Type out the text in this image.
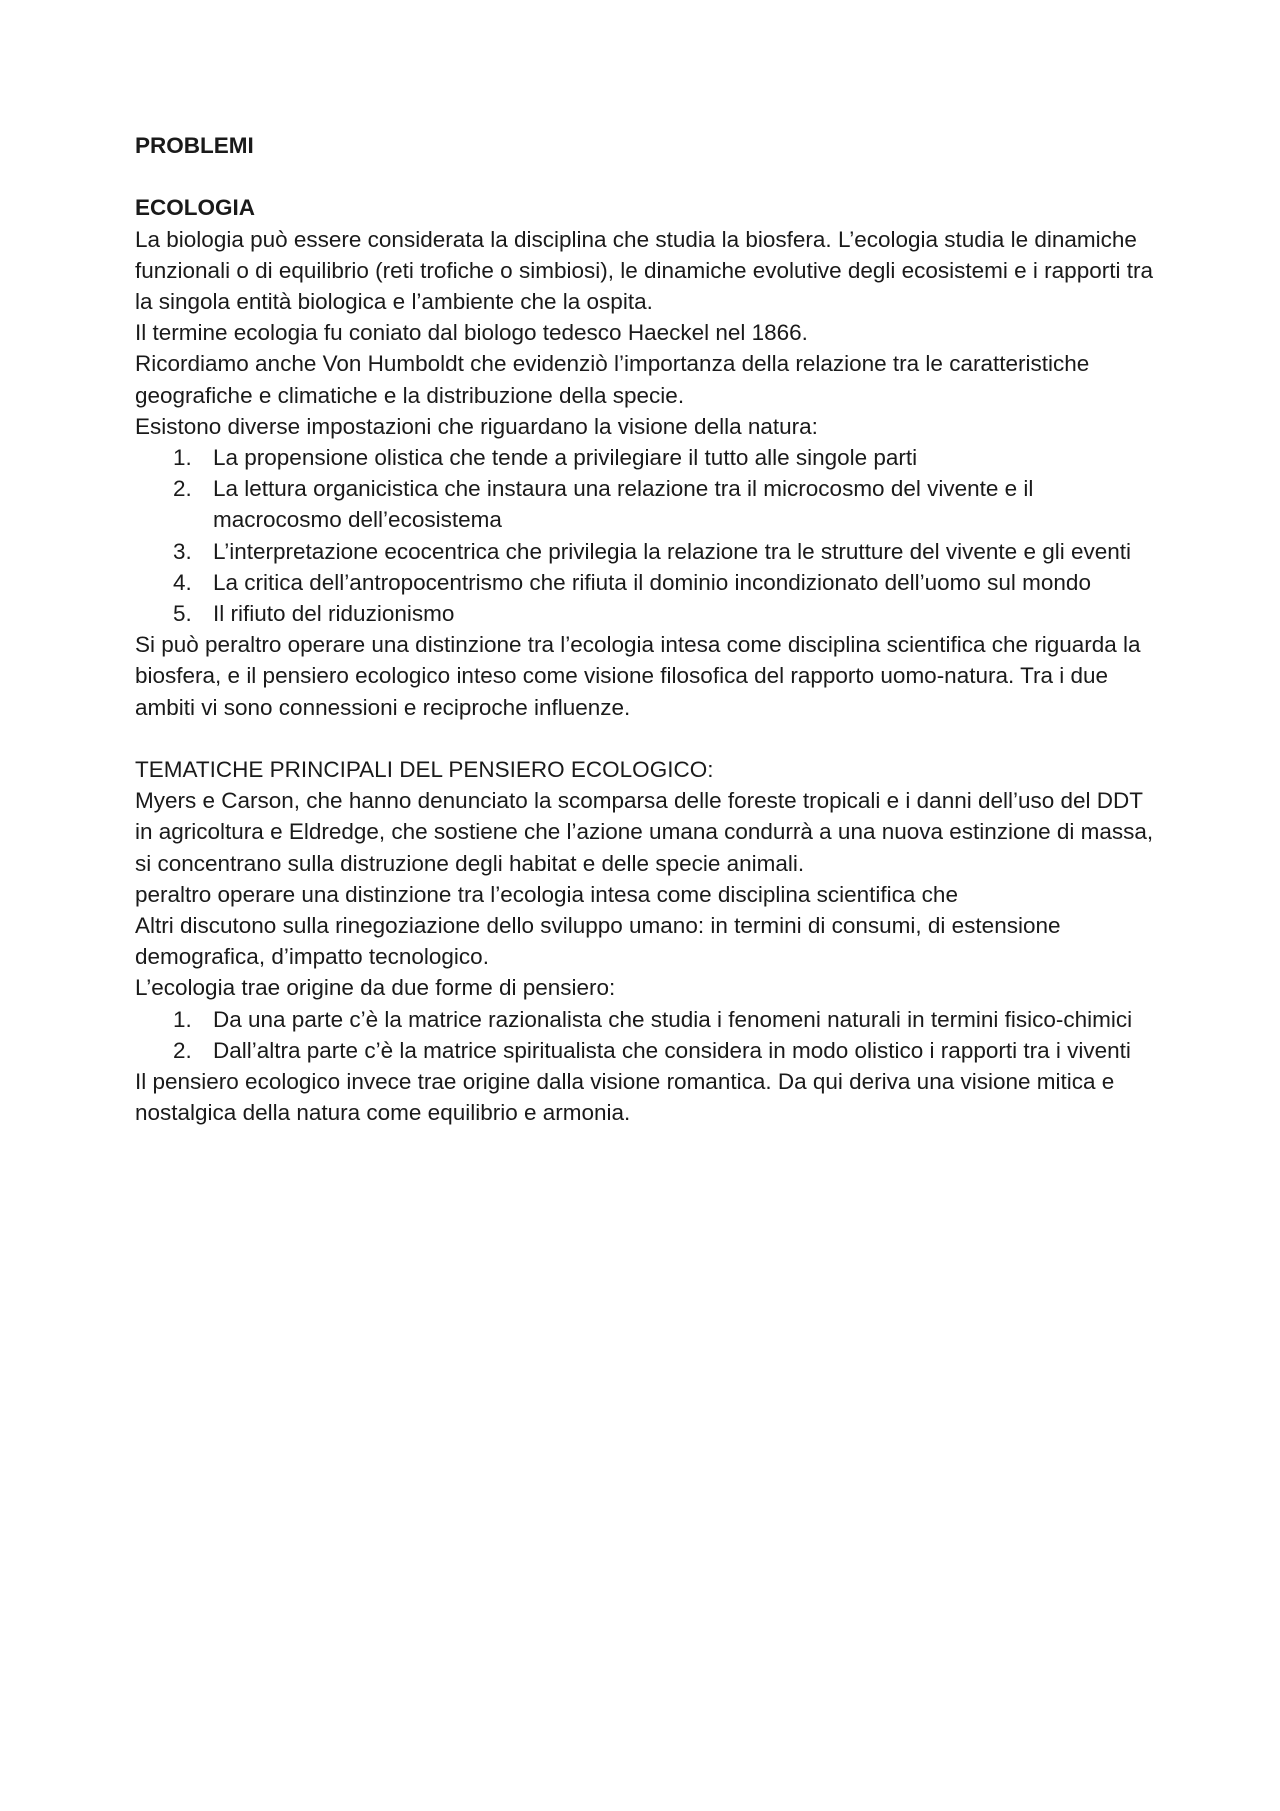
PROBLEMI

ECOLOGIA

La biologia può essere considerata la disciplina che studia la biosfera. L’ecologia studia le dinamiche funzionali o di equilibrio (reti trofiche o simbiosi), le dinamiche evolutive degli ecosistemi e i rapporti tra la singola entità biologica e l’ambiente che la ospita.

Il termine ecologia fu coniato dal biologo tedesco Haeckel nel 1866.

Ricordiamo anche Von Humboldt che evidenziò l’importanza della relazione tra le caratteristiche geografiche e climatiche e la distribuzione della specie.

Esistono diverse impostazioni che riguardano la visione della natura:

1. La propensione olistica che tende a privilegiare il tutto alle singole parti
2. La lettura organicistica che instaura una relazione tra il microcosmo del vivente e il macrocosmo dell’ecosistema
3. L’interpretazione ecocentrica che privilegia la relazione tra le strutture del vivente e gli eventi
4. La critica dell’antropocentrismo che rifiuta il dominio incondizionato dell’uomo sul mondo
5. Il rifiuto del riduzionismo

Si può peraltro operare una distinzione tra l’ecologia intesa come disciplina scientifica che riguarda la biosfera, e il pensiero ecologico inteso come visione filosofica del rapporto uomo-natura. Tra i due ambiti vi sono connessioni e reciproche influenze.

TEMATICHE PRINCIPALI DEL PENSIERO ECOLOGICO:

Myers e Carson, che hanno denunciato la scomparsa delle foreste tropicali e i danni dell’uso del DDT in agricoltura e Eldredge, che sostiene che l’azione umana condurrà a una nuova estinzione di massa, si concentrano sulla distruzione degli habitat e delle specie animali.

peraltro operare una distinzione tra l’ecologia intesa come disciplina scientifica che

Altri discutono sulla rinegoziazione dello sviluppo umano: in termini di consumi, di estensione demografica, d’impatto tecnologico.

L’ecologia trae origine da due forme di pensiero:

1. Da una parte c’è la matrice razionalista che studia i fenomeni naturali in termini fisico-chimici
2. Dall’altra parte c’è la matrice spiritualista che considera in modo olistico i rapporti tra i viventi

Il pensiero ecologico invece trae origine dalla visione romantica. Da qui deriva una visione mitica e nostalgica della natura come equilibrio e armonia.
